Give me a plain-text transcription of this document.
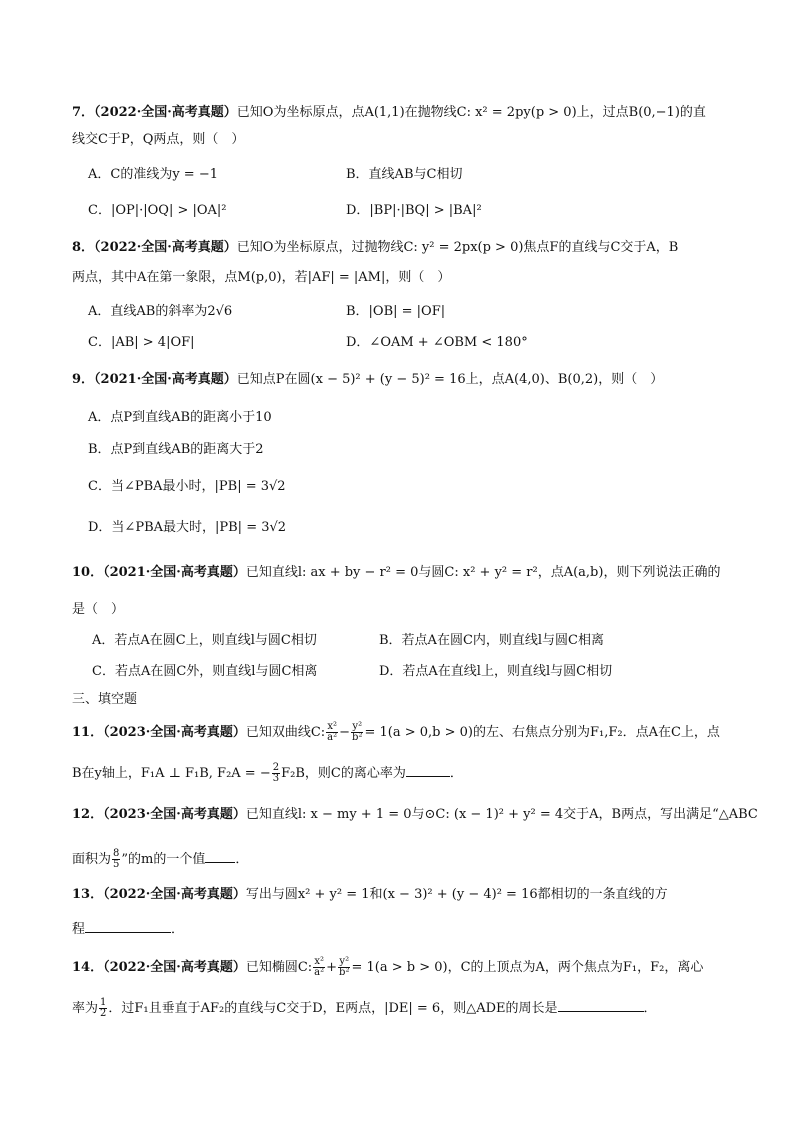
7．（2022·全国·高考真题）已知O为坐标原点，点A(1,1)在抛物线C: x² = 2py(p > 0)上，过点B(0,−1)的直
线交C于P，Q两点，则（　）
A．C的准线为y = −1	B．直线AB与C相切
C．|OP|·|OQ| > |OA|²	D．|BP|·|BQ| > |BA|²
8．（2022·全国·高考真题）已知O为坐标原点，过抛物线C: y² = 2px(p > 0)焦点F的直线与C交于A，B
两点，其中A在第一象限，点M(p,0)，若|AF| = |AM|，则（　）
A．直线AB的斜率为2√6	B．|OB| = |OF|
C．|AB| > 4|OF|	D．∠OAM + ∠OBM < 180°
9．（2021·全国·高考真题）已知点P在圆(x − 5)² + (y − 5)² = 16上，点A(4,0)、B(0,2)，则（　）
A．点P到直线AB的距离小于10
B．点P到直线AB的距离大于2
C．当∠PBA最小时，|PB| = 3√2
D．当∠PBA最大时，|PB| = 3√2
10．（2021·全国·高考真题）已知直线l: ax + by − r² = 0与圆C: x² + y² = r²，点A(a,b)，则下列说法正确的
是（　）
A．若点A在圆C上，则直线l与圆C相切	B．若点A在圆C内，则直线l与圆C相离
C．若点A在圆C外，则直线l与圆C相离	D．若点A在直线l上，则直线l与圆C相切
三、填空题
11．（2023·全国·高考真题）已知双曲线C: $\frac{\text{x²}}{\text{a²}} - \frac{\text{y²}}{\text{b²}} = 1(a > 0,b > 0)$的左、右焦点分别为F₁,F₂．点A在C上，点
B在y轴上，F₁A ⊥ F₁B, F₂A = − $\frac{2}{3} F_2B$，则C的离心率为	．
12．（2023·全国·高考真题）已知直线l: x − my + 1 = 0与⊙C: (x − 1)² + y² = 4交于A，B两点，写出满足“△ABC
面积为 $\frac{8}{5}$ ”的m的一个值 ．
13．（2022·全国·高考真题）写出与圆x² + y² = 1和(x − 3)² + (y − 4)² = 16都相切的一条直线的方
程	．
14．（2022·全国·高考真题）已知椭圆C: $\frac{\text{x²}}{\text{a²}} + \frac{\text{y²}}{\text{b²}} = 1(a > b > 0)$，C的上顶点为A，两个焦点为F₁，F₂，离心
率为 $\frac{1}{2}$ ．过F₁且垂直于AF₂的直线与C交于D，E两点，|DE| = 6，则△ADE的周长是	．
